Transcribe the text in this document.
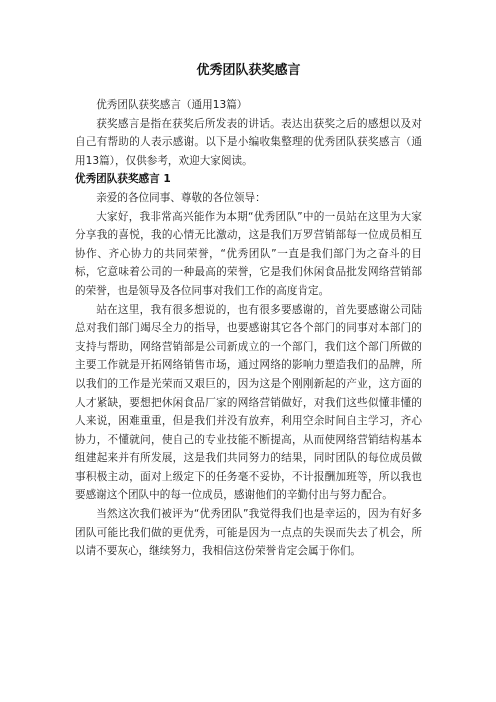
优秀团队获奖感言

优秀团队获奖感言（通用13篇）

获奖感言是指在获奖后所发表的讲话。表达出获奖之后的感想以及对自己有帮助的人表示感谢。以下是小编收集整理的优秀团队获奖感言（通用13篇），仅供参考，欢迎大家阅读。

优秀团队获奖感言 1

亲爱的各位同事、尊敬的各位领导：

大家好，我非常高兴能作为本期“优秀团队”中的一员站在这里为大家分享我的喜悦，我的心情无比激动，这是我们万罗营销部每一位成员相互协作、齐心协力的共同荣誉，“优秀团队”一直是我们部门为之奋斗的目标，它意味着公司的一种最高的荣誉，它是我们休闲食品批发网络营销部的荣誉，也是领导及各位同事对我们工作的高度肯定。

站在这里，我有很多想说的，也有很多要感谢的，首先要感谢公司陆总对我们部门竭尽全力的指导，也要感谢其它各个部门的同事对本部门的支持与帮助，网络营销部是公司新成立的一个部门，我们这个部门所做的主要工作就是开拓网络销售市场，通过网络的影响力塑造我们的品牌，所以我们的工作是光荣而又艰巨的，因为这是个刚刚新起的产业，这方面的人才紧缺，要想把休闲食品厂家的网络营销做好，对我们这些似懂非懂的人来说，困难重重，但是我们并没有放弃，利用空余时间自主学习，齐心协力，不懂就问，使自己的专业技能不断提高，从而使网络营销结构基本组建起来并有所发展，这是我们共同努力的结果，同时团队的每位成员做事积极主动，面对上级定下的任务毫不妥协，不计报酬加班等，所以我也要感谢这个团队中的每一位成员，感谢他们的辛勤付出与努力配合。

当然这次我们被评为“优秀团队”我觉得我们也是幸运的，因为有好多团队可能比我们做的更优秀，可能是因为一点点的失误而失去了机会，所以请不要灰心，继续努力，我相信这份荣誉肯定会属于你们。
